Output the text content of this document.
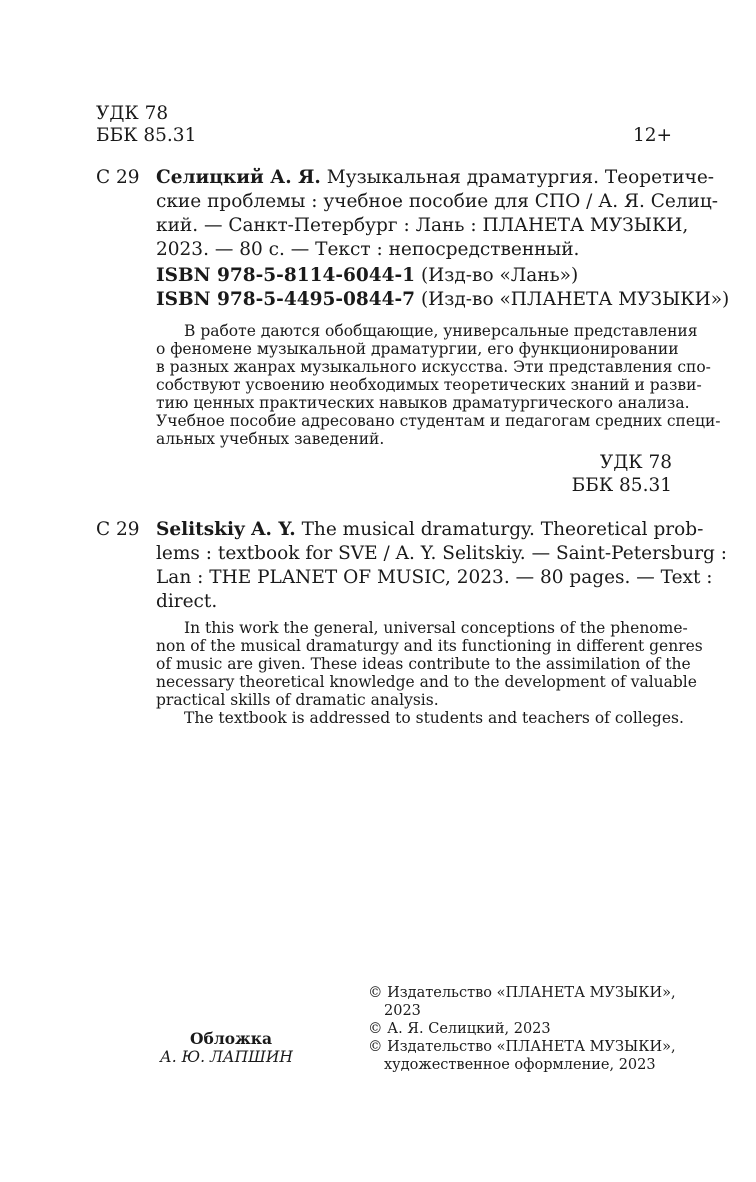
УДК 78
ББК 85.31	12+
С 29 Селицкий А. Я. Музыкальная драматургия. Теоретиче-
ские проблемы : учебное пособие для СПО / А. Я. Селиц-
кий. — Санкт-Петербург : Лань : ПЛАНЕТА МУЗЫКИ,
2023. — 80 с. — Текст : непосредственный.
ISBN 978-5-8114-6044-1 (Изд-во «Лань»)
ISBN 978-5-4495-0844-7 (Изд-во «ПЛАНЕТА МУЗЫКИ»)
В работе даются обобщающие, универсальные представления
о феномене музыкальной драматургии, его функционировании
в разных жанрах музыкального искусства. Эти представления спо-
собствуют усвоению необходимых теоретических знаний и разви-
тию ценных практических навыков драматургического анализа.
Учебное пособие адресовано студентам и педагогам средних специ-
альных учебных заведений.
УДК 78
ББК 85.31
С 29 Selitskiy A. Y. The musical dramaturgy. Theoretical prob-
lems : textbook for SVE / A. Y. Selitskiy. — Saint-Petersburg :
Lan : THE PLANET OF MUSIC, 2023. — 80 pages. — Text :
direct.
In this work the general, universal conceptions of the phenome-
non of the musical dramaturgy and its functioning in different genres
of music are given. These ideas contribute to the assimilation of the
necessary theoretical knowledge and to the development of valuable
practical skills of dramatic analysis.
The textbook is addressed to students and teachers of colleges.
Обложка
А. Ю. ЛАПШИН
© Издательство «ПЛАНЕТА МУЗЫКИ»,
2023
© А. Я. Селицкий, 2023
© Издательство «ПЛАНЕТА МУЗЫКИ»,
художественное оформление, 2023
